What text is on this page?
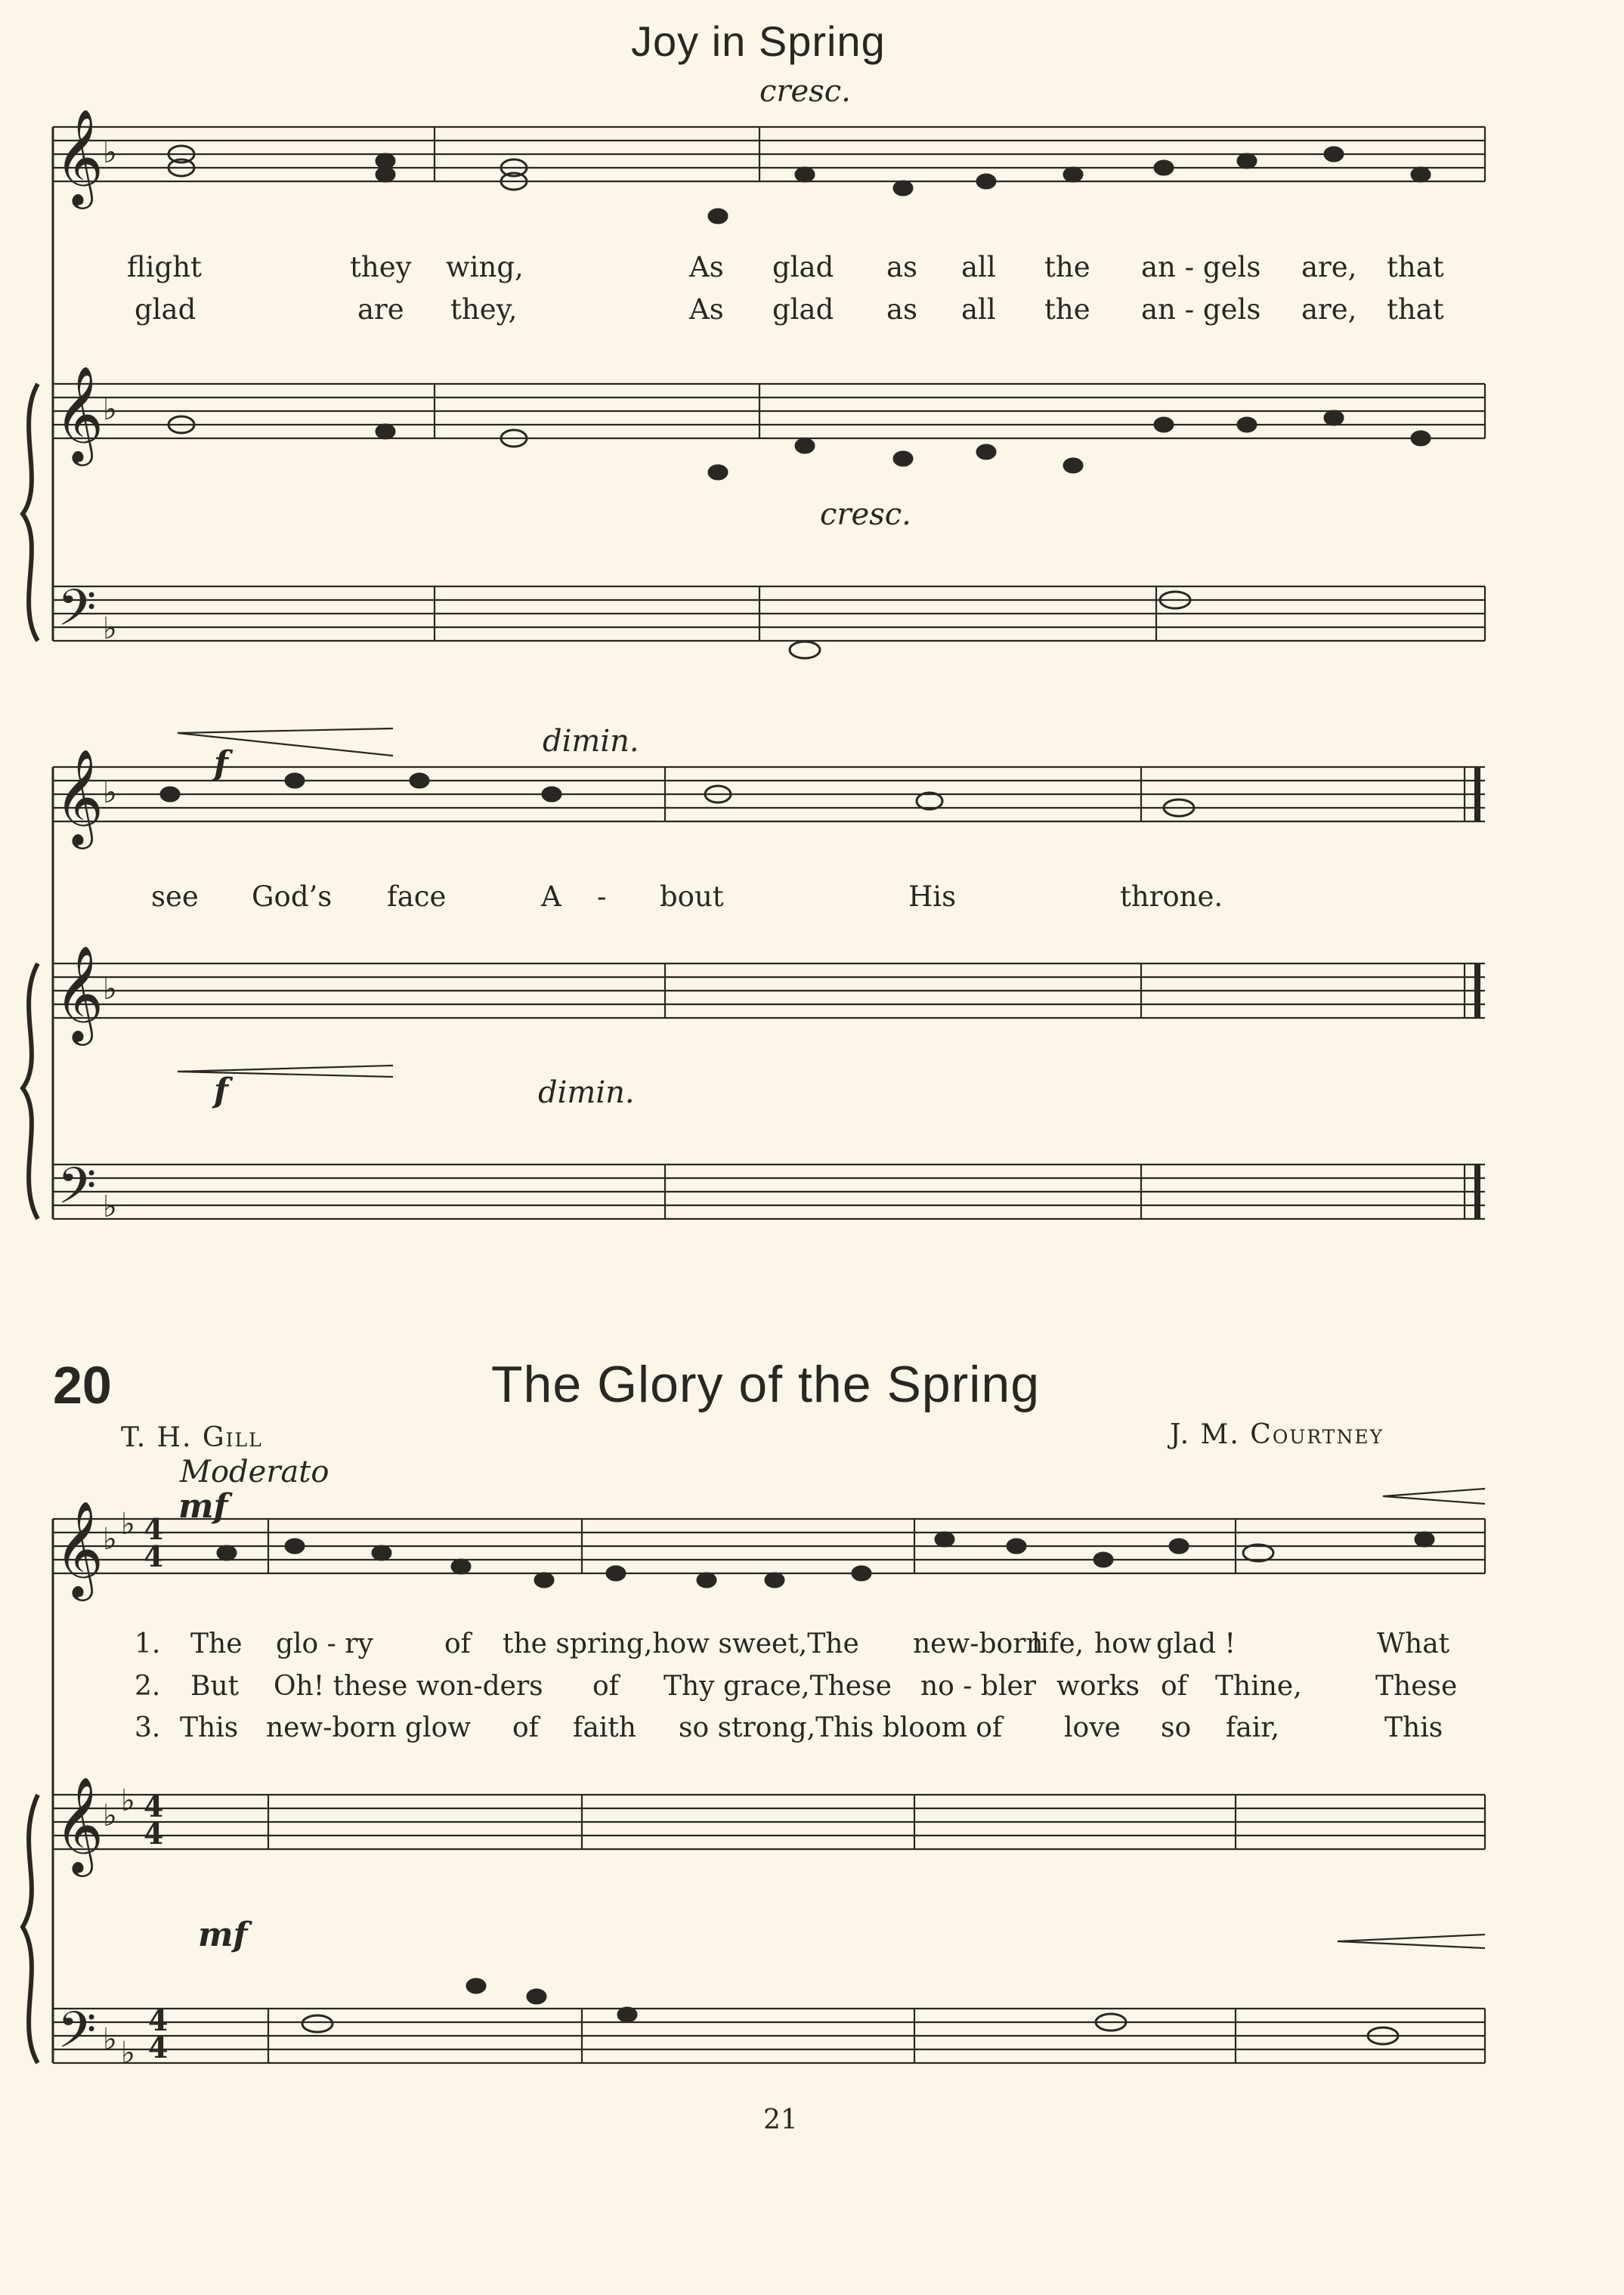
𝄞
𝄞
𝄢
𝄞
𝄞
𝄢
𝄞
𝄞
𝄢
♭
♭
♭
♭
♭
♭
♭ ♭
♭ ♭
♭ ♭
Joy in Spring
cresc.
flight	they wing,	As glad as all the an - gels are, that
glad	are they,	As glad as all the an - gels are, that
cresc.
f
dimin.
see God’s face	A - bout	His	throne.
f	dimin.
20	The Glory of the Spring
T. H. Gill	J. M. Courtney
Moderato
mf
4
4
4
4
4
4
1. The glo - ry	of the spring,how sweet,The new-born
life, how glad !	What
2. But Oh! these won-ders of Thy grace,These no - bler works of Thine,	These
3. This new-born glow of faith so strong,This bloom of love so fair,	This
mf
21
